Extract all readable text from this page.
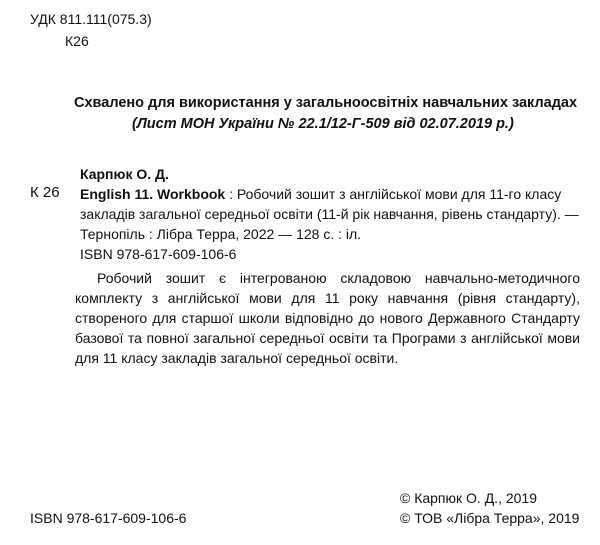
УДК 811.111(075.3)
К26
Схвалено для використання у загальноосвітніх навчальних закладах
(Лист МОН України № 22.1/12-Г-509 від 02.07.2019 р.)
Карпюк О. Д.
К 26 English 11. Workbook : Робочий зошит з англійської мови для 11-го класу
закладів загальної середньої освіти (11-й рік навчання, рівень стандарту). —
Тернопіль : Лібра Терра, 2022 — 128 с. : іл.
ISBN 978-617-609-106-6
Робочий зошит є інтегрованою складовою навчально-методичного
комплекту з англійської мови для 11 року навчання (рівня стандарту),
створеного для старшої школи відповідно до нового Державного Стандарту
базової та повної загальної середньої освіти та Програми з англійської мови
для 11 класу закладів загальної середньої освіти.
ISBN 978-617-609-106-6
© Карпюк О. Д., 2019
© ТОВ «Лібра Терра», 2019
